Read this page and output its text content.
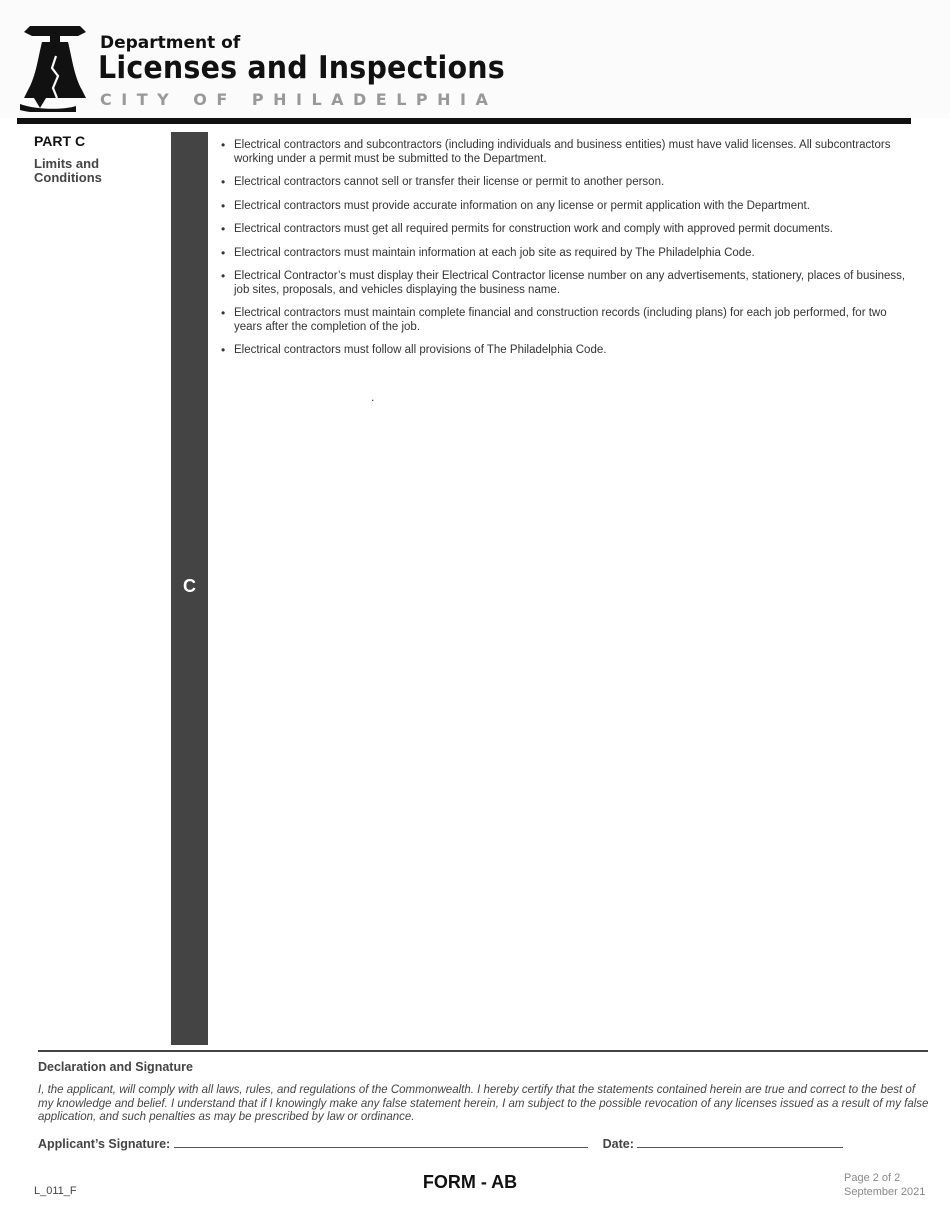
Department of
Licenses and Inspections
CITY OF PHILADELPHIA
PART C
Limits and Conditions
C
• Electrical contractors and subcontractors (including individuals and business entities) must have valid licenses. All subcontractors working under a permit must be submitted to the Department.
• Electrical contractors cannot sell or transfer their license or permit to another person.
• Electrical contractors must provide accurate information on any license or permit application with the Department.
• Electrical contractors must get all required permits for construction work and comply with approved permit documents.
• Electrical contractors must maintain information at each job site as required by The Philadelphia Code.
• Electrical Contractor’s must display their Electrical Contractor license number on any advertisements, stationery, places of business, job sites, proposals, and vehicles displaying the business name.
• Electrical contractors must maintain complete financial and construction records (including plans) for each job performed, for two years after the completion of the job.
• Electrical contractors must follow all provisions of The Philadelphia Code.
.
Declaration and Signature
I, the applicant, will comply with all laws, rules, and regulations of the Commonwealth. I hereby certify that the statements contained herein are true and correct to the best of my knowledge and belief. I understand that if I knowingly make any false statement herein, I am subject to the possible revocation of any licenses issued as a result of my false application, and such penalties as may be prescribed by law or ordinance.
Applicant’s Signature:	Date:
L_011_F	FORM - AB	Page 2 of 2
September 2021
